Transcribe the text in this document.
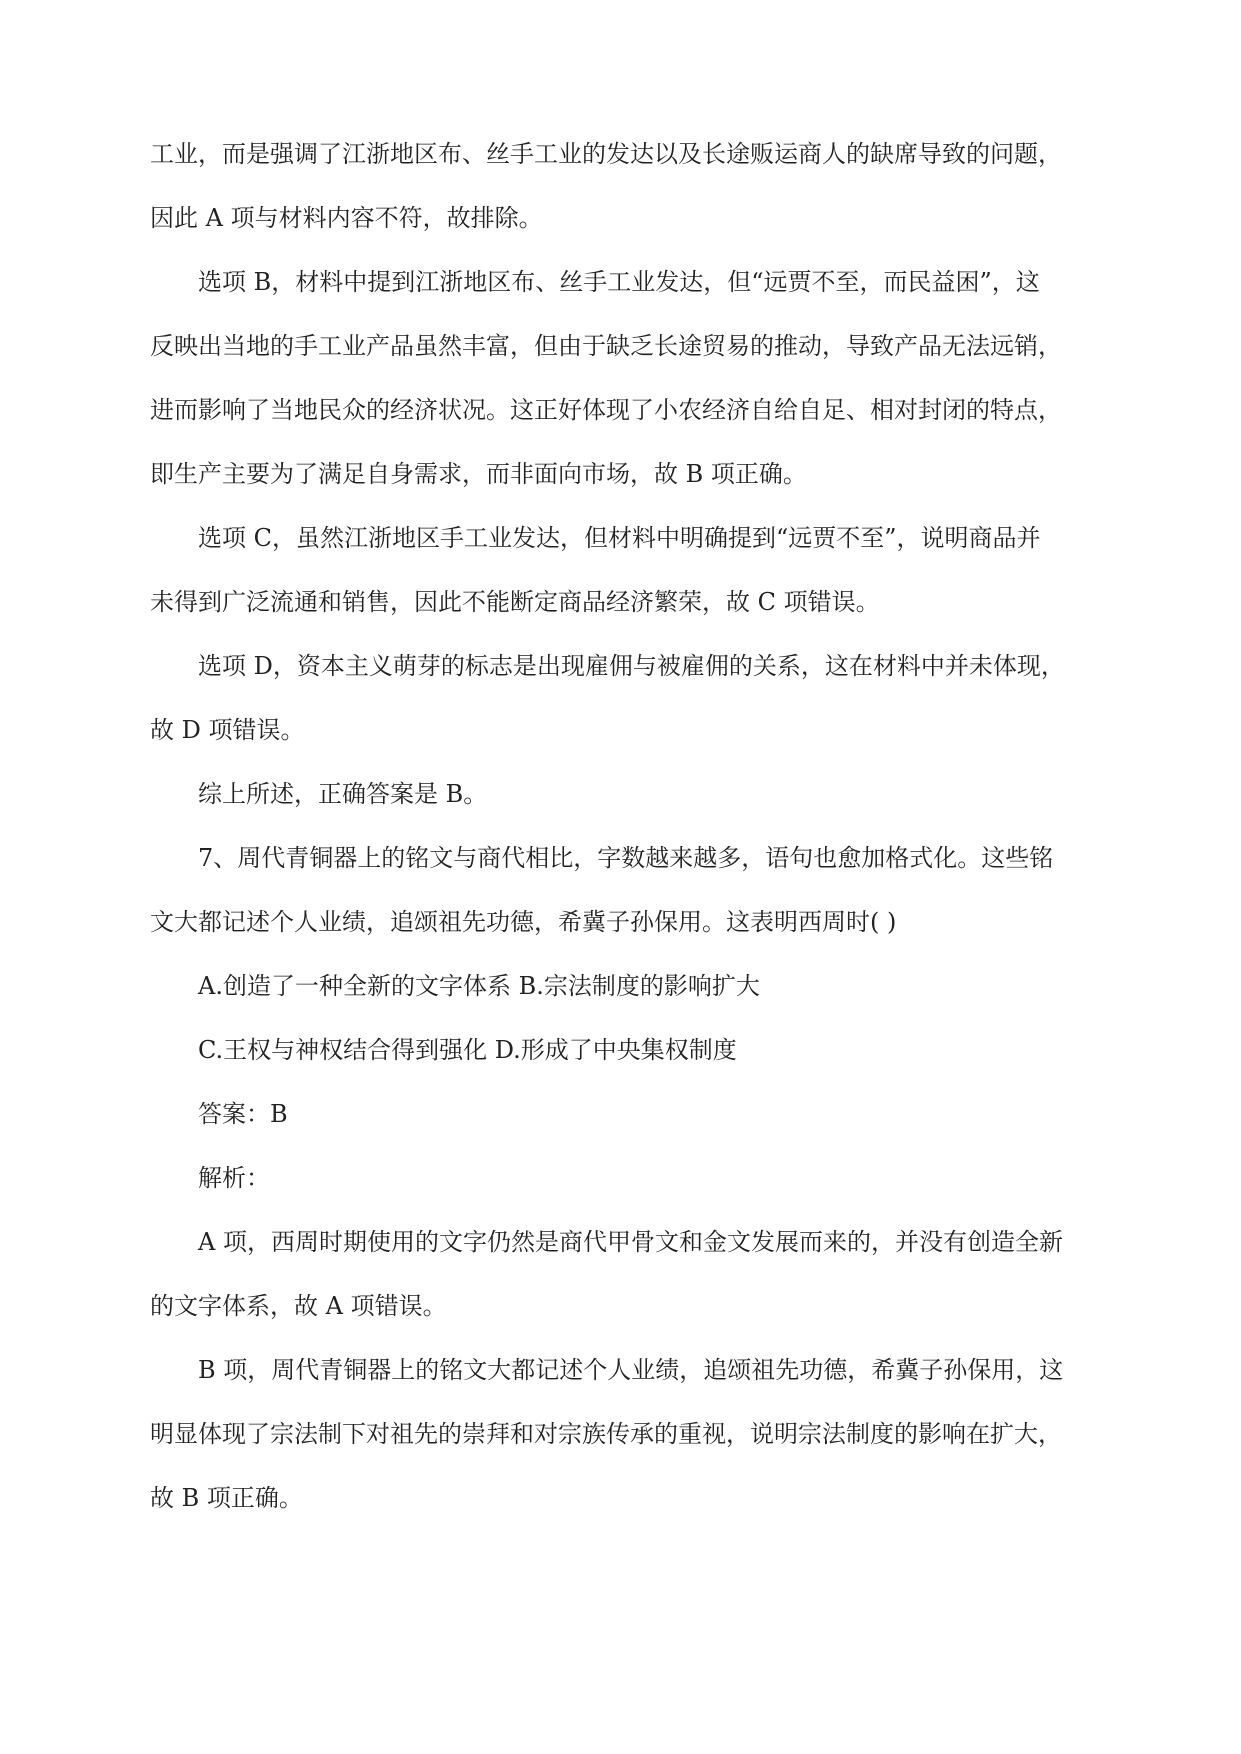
工业，而是强调了江浙地区布、丝手工业的发达以及长途贩运商人的缺席导致的问题，
因此 A 项与材料内容不符，故排除。
选项 B，材料中提到江浙地区布、丝手工业发达，但“远贾不至，而民益困”，这
反映出当地的手工业产品虽然丰富，但由于缺乏长途贸易的推动，导致产品无法远销，
进而影响了当地民众的经济状况。这正好体现了小农经济自给自足、相对封闭的特点，
即生产主要为了满足自身需求，而非面向市场，故 B 项正确。
选项 C，虽然江浙地区手工业发达，但材料中明确提到“远贾不至”，说明商品并
未得到广泛流通和销售，因此不能断定商品经济繁荣，故 C 项错误。
选项 D，资本主义萌芽的标志是出现雇佣与被雇佣的关系，这在材料中并未体现，
故 D 项错误。
综上所述，正确答案是 B。
7、周代青铜器上的铭文与商代相比，字数越来越多，语句也愈加格式化。这些铭
文大都记述个人业绩，追颂祖先功德，希冀子孙保用。这表明西周时( )
A.创造了一种全新的文字体系 B.宗法制度的影响扩大
C.王权与神权结合得到强化 D.形成了中央集权制度
答案：B
解析：
A 项，西周时期使用的文字仍然是商代甲骨文和金文发展而来的，并没有创造全新
的文字体系，故 A 项错误。
B 项，周代青铜器上的铭文大都记述个人业绩，追颂祖先功德，希冀子孙保用，这
明显体现了宗法制下对祖先的崇拜和对宗族传承的重视，说明宗法制度的影响在扩大，
故 B 项正确。
